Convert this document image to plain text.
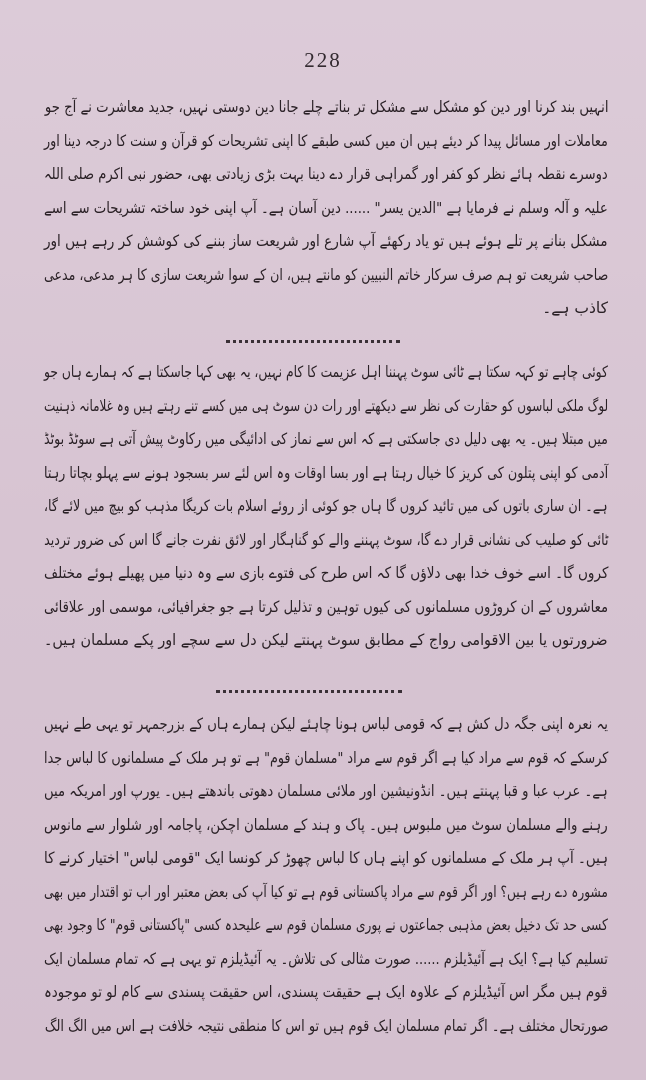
228
انہیں بند کرنا اور دین کو مشکل سے مشکل تر بناتے چلے جانا دین دوستی نہیں، جدید معاشرت نے آج جو
معاملات اور مسائل پیدا کر دیئے ہیں ان میں کسی طبقے کا اپنی تشریحات کو قرآن و سنت کا درجہ دینا اور
دوسرے نقطہ ہائے نظر کو کفر اور گمراہی قرار دے دینا بہت بڑی زیادتی بھی، حضور نبی اکرم صلی اللہ
علیہ و آلہ وسلم نے فرمایا ہے "الدین یسر" ...... دین آسان ہے۔ آپ اپنی خود ساختہ تشریحات سے اسے
مشکل بنانے پر تلے ہوئے ہیں تو یاد رکھئے آپ شارع اور شریعت ساز بننے کی کوشش کر رہے ہیں اور
صاحب شریعت تو ہم صرف سرکار خاتم النبیین کو مانتے ہیں، ان کے سوا شریعت سازی کا ہر مدعی، مدعی
کاذب ہے۔
کوئی چاہے تو کہہ سکتا ہے ٹائی سوٹ پہننا اہل عزیمت کا کام نہیں، یہ بھی کہا جاسکتا ہے کہ ہمارے ہاں جو
لوگ ملکی لباسوں کو حقارت کی نظر سے دیکھتے اور رات دن سوٹ ہی میں کسے تنے رہتے ہیں وہ غلامانہ ذہنیت
میں مبتلا ہیں۔ یہ بھی دلیل دی جاسکتی ہے کہ اس سے نماز کی ادائیگی میں رکاوٹ پیش آتی ہے سوٹڈ بوٹڈ
آدمی کو اپنی پتلون کی کریز کا خیال رہتا ہے اور بسا اوقات وہ اس لئے سر بسجود ہونے سے پہلو بچاتا رہتا
ہے۔ ان ساری باتوں کی میں تائید کروں گا ہاں جو کوئی از روئے اسلام بات کریگا مذہب کو بیچ میں لائے گا،
ٹائی کو صلیب کی نشانی قرار دے گا، سوٹ پہننے والے کو گناہگار اور لائق نفرت جانے گا اس کی ضرور تردید
کروں گا۔ اسے خوف خدا بھی دلاؤں گا کہ اس طرح کی فتوے بازی سے وہ دنیا میں پھیلے ہوئے مختلف
معاشروں کے ان کروڑوں مسلمانوں کی کیوں توہین و تذلیل کرتا ہے جو جغرافیائی، موسمی اور علاقائی
ضرورتوں یا بین الاقوامی رواج کے مطابق سوٹ پہنتے لیکن دل سے سچے اور پکے مسلمان ہیں۔
یہ نعرہ اپنی جگہ دل کش ہے کہ قومی لباس ہونا چاہئے لیکن ہمارے ہاں کے بزرجمہر تو یہی طے نہیں
کرسکے کہ قوم سے مراد کیا ہے اگر قوم سے مراد "مسلمان قوم" ہے تو ہر ملک کے مسلمانوں کا لباس جدا
ہے۔ عرب عبا و قبا پہنتے ہیں۔ انڈونیشین اور ملائی مسلمان دھوتی باندھتے ہیں۔ یورپ اور امریکہ میں
رہنے والے مسلمان سوٹ میں ملبوس ہیں۔ پاک و ہند کے مسلمان اچکن، پاجامہ اور شلوار سے مانوس
ہیں۔ آپ ہر ملک کے مسلمانوں کو اپنے ہاں کا لباس چھوڑ کر کونسا ایک "قومی لباس" اختیار کرنے کا
مشورہ دے رہے ہیں؟ اور اگر قوم سے مراد پاکستانی قوم ہے تو کیا آپ کی بعض معتبر اور اب تو اقتدار میں بھی
کسی حد تک دخیل بعض مذہبی جماعتوں نے پوری مسلمان قوم سے علیحدہ کسی "پاکستانی قوم" کا وجود بھی
تسلیم کیا ہے؟ ایک ہے آئیڈیلزم ...... صورت مثالی کی تلاش۔ یہ آئیڈیلزم تو یہی ہے کہ تمام مسلمان ایک
قوم ہیں مگر اس آئیڈیلزم کے علاوہ ایک ہے حقیقت پسندی، اس حقیقت پسندی سے کام لو تو موجودہ
صورتحال مختلف ہے۔ اگر تمام مسلمان ایک قوم ہیں تو اس کا منطقی نتیجہ خلافت ہے اس میں الگ الگ
